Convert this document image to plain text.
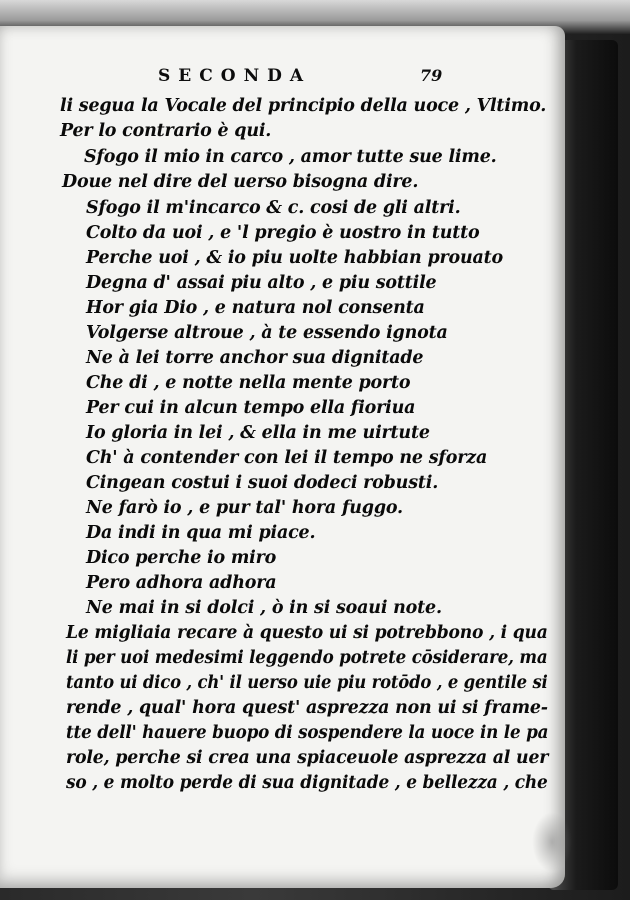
SECONDA	79
li segua la Vocale del principio della uoce , Vltimo.
Per lo contrario è qui.
Sfogo il mio in carco , amor tutte sue lime.
Doue nel dire del uerso bisogna dire.
Sfogo il m'incarco & c. cosi de gli altri.
Colto da uoi , e 'l pregio è uostro in tutto
Perche uoi , & io piu uolte habbian prouato
Degna d' assai piu alto , e piu sottile
Hor gia Dio , e natura nol consenta
Volgerse altroue , à te essendo ignota
Ne à lei torre anchor sua dignitade
Che di , e notte nella mente porto
Per cui in alcun tempo ella fioriua
Io gloria in lei , & ella in me uirtute
Ch' à contender con lei il tempo ne sforza
Cingean costui i suoi dodeci robusti.
Ne farò io , e pur tal' hora fuggo.
Da indi in qua mi piace.
Dico perche io miro
Pero adhora adhora
Ne mai in si dolci , ò in si soaui note.
Le migliaia recare à questo ui si potrebbono , i qua
li per uoi medesimi leggendo potrete cōsiderare, ma
tanto ui dico , ch' il uerso uie piu rotōdo , e gentile si
rende , qual' hora quest' asprezza non ui si frame-
tte dell' hauere buopo di sospendere la uoce in le pa
role, perche si crea una spiaceuole asprezza al uer
so , e molto perde di sua dignitade , e bellezza , che
